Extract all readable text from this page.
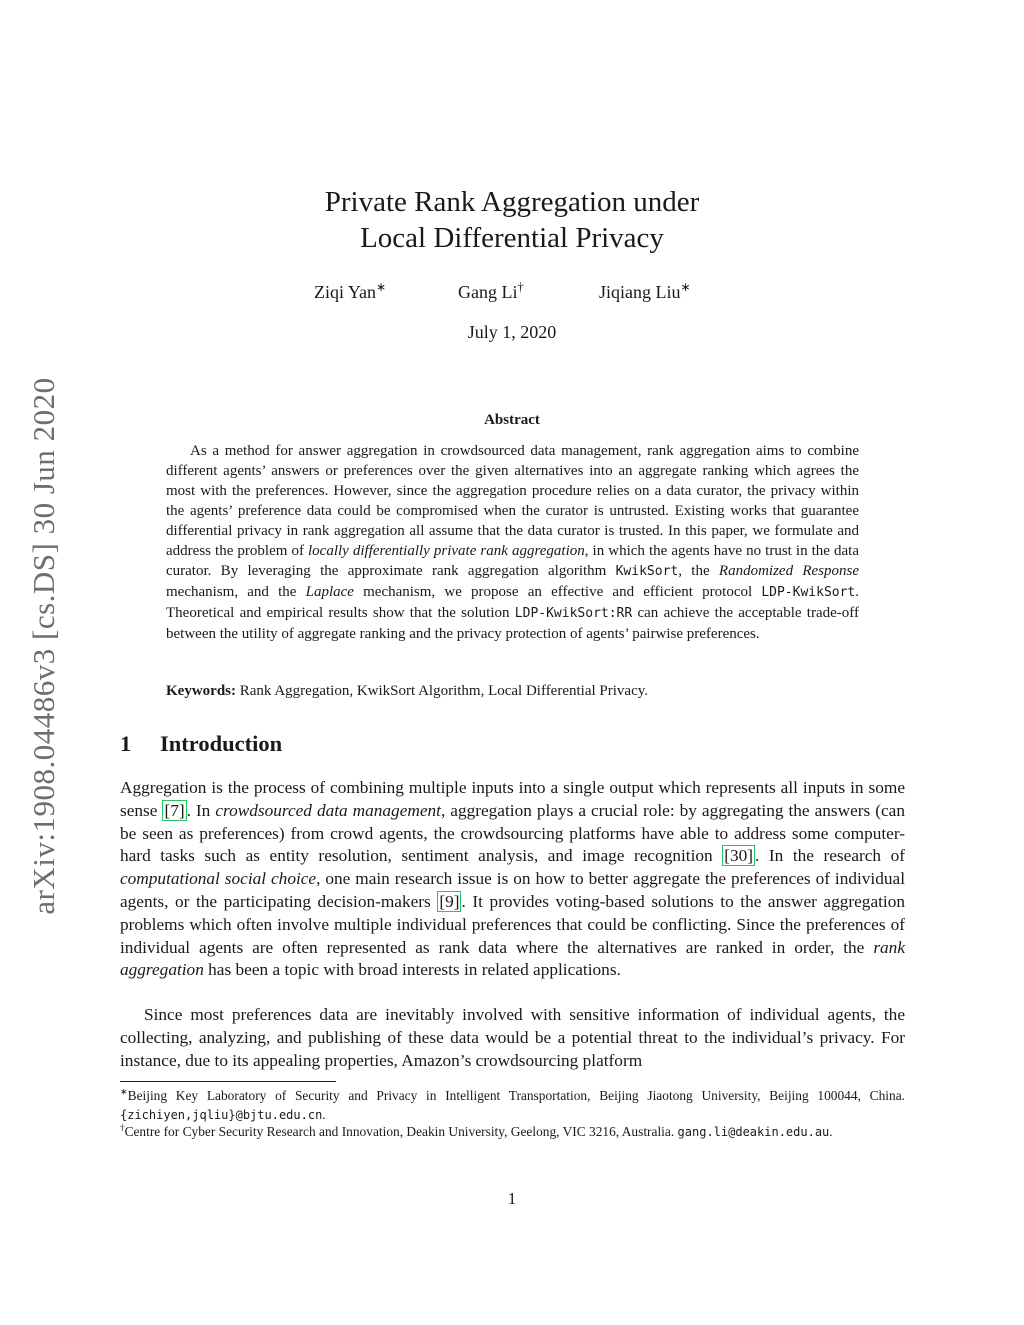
arXiv:1908.04486v3 [cs.DS] 30 Jun 2020
Private Rank Aggregation under
Local Differential Privacy
Ziqi Yan∗	Gang Li†	Jiqiang Liu∗
July 1, 2020
Abstract
As a method for answer aggregation in crowdsourced data management, rank aggregation aims to combine different agents’ answers or preferences over the given alternatives into an aggregate ranking which agrees the most with the preferences. However, since the aggregation procedure relies on a data curator, the privacy within the agents’ preference data could be compromised when the curator is untrusted. Existing works that guarantee differential privacy in rank aggregation all assume that the data curator is trusted. In this paper, we formulate and address the problem of locally differentially private rank aggregation, in which the agents have no trust in the data curator. By leveraging the approximate rank aggregation algorithm KwikSort, the Randomized Response mechanism, and the Laplace mechanism, we propose an effective and efficient protocol LDP-KwikSort. Theoretical and empirical results show that the solution LDP-KwikSort:RR can achieve the acceptable trade-off between the utility of aggregate ranking and the privacy protection of agents’ pairwise preferences.
Keywords: Rank Aggregation, KwikSort Algorithm, Local Differential Privacy.
1 Introduction
Aggregation is the process of combining multiple inputs into a single output which represents all inputs in some sense [7] . In crowdsourced data management, aggregation plays a crucial role: by aggregating the answers (can be seen as preferences) from crowd agents, the crowdsourcing platforms have able to address some computer-hard tasks such as entity resolution, sentiment analysis, and image recognition [30] . In the research of computational social choice, one main research issue is on how to better aggregate the preferences of individual agents, or the participating decision-makers [9] . It provides voting-based solutions to the answer aggregation problems which often involve multiple individual preferences that could be conflicting. Since the preferences of individual agents are often represented as rank data where the alternatives are ranked in order, the rank aggregation has been a topic with broad interests in related applications.
Since most preferences data are inevitably involved with sensitive information of individual agents, the collecting, analyzing, and publishing of these data would be a potential threat to the individual’s privacy. For instance, due to its appealing properties, Amazon’s crowdsourcing platform
∗Beijing Key Laboratory of Security and Privacy in Intelligent Transportation, Beijing Jiaotong University, Beijing 100044, China. {zichiyen,jqliu}@bjtu.edu.cn.
†Centre for Cyber Security Research and Innovation, Deakin University, Geelong, VIC 3216, Australia. gang.li@deakin.edu.au.
1
